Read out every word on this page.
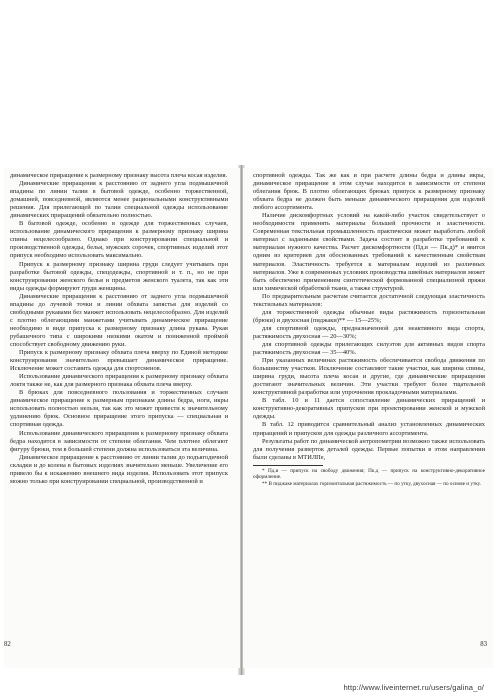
динамическое приращение к размерному признаку высота плеча косая изделия.

Динамические приращения к расстоянию от заднего угла подмышечной впадины по линии талии в бытовой одежде, особенно торжественной, домашней, повседневной, являются менее рациональными конструктивными решения. Для прилегающей по талии специальной одежды использование динамических приращений обязательно полностью.

В бытовой одежде, особенно в одежде для торжественных случаев, использование динамического приращения к размерному признаку ширина спины нецелесообразно. Однако при конструировании специальной и производственной одежды, белья, мужских сорочек, спортивных изделий этот припуск необходимо использовать максимально.

Припуск к размерному признаку ширина груди следует учитывать при разработке бытовой одежды, спецодежды, спортивной и т. п., но не при конструировании женского белья и предметов женского туалета, так как эти виды одежды формируют груди женщины.

Динамические приращения к расстоянию от заднего угла подмышечной впадины до лучевой точки и линии обхвата запястья для изделий со свободными рукавами без манжет использовать нецелесообразно. Для изделий с плотно облегающими манжетами учитывать динамическое приращение необходимо в виде припуска к размерному признаку длина рукава. Рукав рубашечного типа с широкими низкими окатом и пониженной проймой способствует свободному движению руки.

Припуск к размерному признаку обхвата плеча вверху по Единой методике конструирования значительно превышает динамическое приращение. Исключение может составить одежда для спортсменов.

Использование динамического приращения к размерному признаку обхвата локтя также не, как для размерного признака обхвата плеча вверху.

В брюках для повседневного пользования и торжественных случаев динамическое приращение к размерным признакам длины бедра, ноги, икры использовать полностью нельзя, так как это может привести к значительному удлинению брюк. Основное приращение этого припуска — специальная и спортивная одежда.

Использование динамического приращения к размерному признаку обхвата бедра находится в зависимости от степени облегания. Чем плотнее облегают фигуру брюки, тем в большей степени должна использоваться эта величина.

Динамическое приращение к расстоянию от линии талии до подъягодичной складки и до колена в бытовых изделиях значительно меньше. Увеличение его привело бы к искажению внешнего вида изделия. Использовать этот припуск можно только при конструировании специальной, производственной и

82

спортивной одежды. Так же как и при расчете длины бедра и длины икры, динамическое приращение в этом случае находится в зависимости от степени облегания брюк. В плотно облегающих брюках припуск к размерному признаку обхвата бедра не должен быть меньше динамического приращения для изделий любого ассортимента.

Наличие дискомфортных условий на какой-либо участок свидетельствует о необходимости применять материалы большей прочности и эластичности. Современная текстильная промышленность практически может выработать любой материал с заданными свойствами. Задача состоит в разработке требований к материалам нужного качества. Расчет дискомфортности (Пд.в — Пк.д)* и явится одним из критериев для обоснованных требований к качественным свойствам материалов. Эластичность требуется к материалам изделий из различных материалов. Уже в современных условиях производства швейных материалов может быть обеспечено применением синтетической формованной специализной пряжи или химической обработкой ткани, а также структурой.

По предварительным расчетам считается достаточной следующая эластичность текстильных материалов:

для торжественной одежды обычные виды растяжимость горизонтальная (брюки) и двухосная (пиджаки)** — 15—25%;

для спортивной одежды, предназначенной для неактивного вида спорта, растяжимость двухосная — 20—30%;

для спортивной одежды прилегающих силуэтов для активных видов спорта растяжимость двухосная — 35—40%.

При указанных величинах растяжимость обеспечивается свобода движения по большинству участков. Исключение составляют такие участки, как ширина спины, ширина груди, высота плеча косая и другие, где динамические приращения достигают значительных величин. Эти участки требуют более тщательной конструктивной разработки или упрочнения прокладочными материалами.

В табл. 10 и 11 дается сопоставление динамических приращений и конструктивно-декоративных припусков при проектировании женской и мужской одежды.

В табл. 12 приводится сравнительный анализ установленных динамических приращений и припусков для одежды различного ассортимента.

Результаты работ по динамической антропометрии возможно также использовать для получения разверток деталей одежды. Первые попытки в этом направлении были сделаны в МТИЛПе,

* Пд.в — припуск на свободу движения; Пк.д — припуск на конструктивно-декоративное оформление.

** В пиджаке материалах горизонтальная растяжимость — по утку, двухосная — по основе и утку.

83
http://www.liveinternet.ru/users/galina_o/
